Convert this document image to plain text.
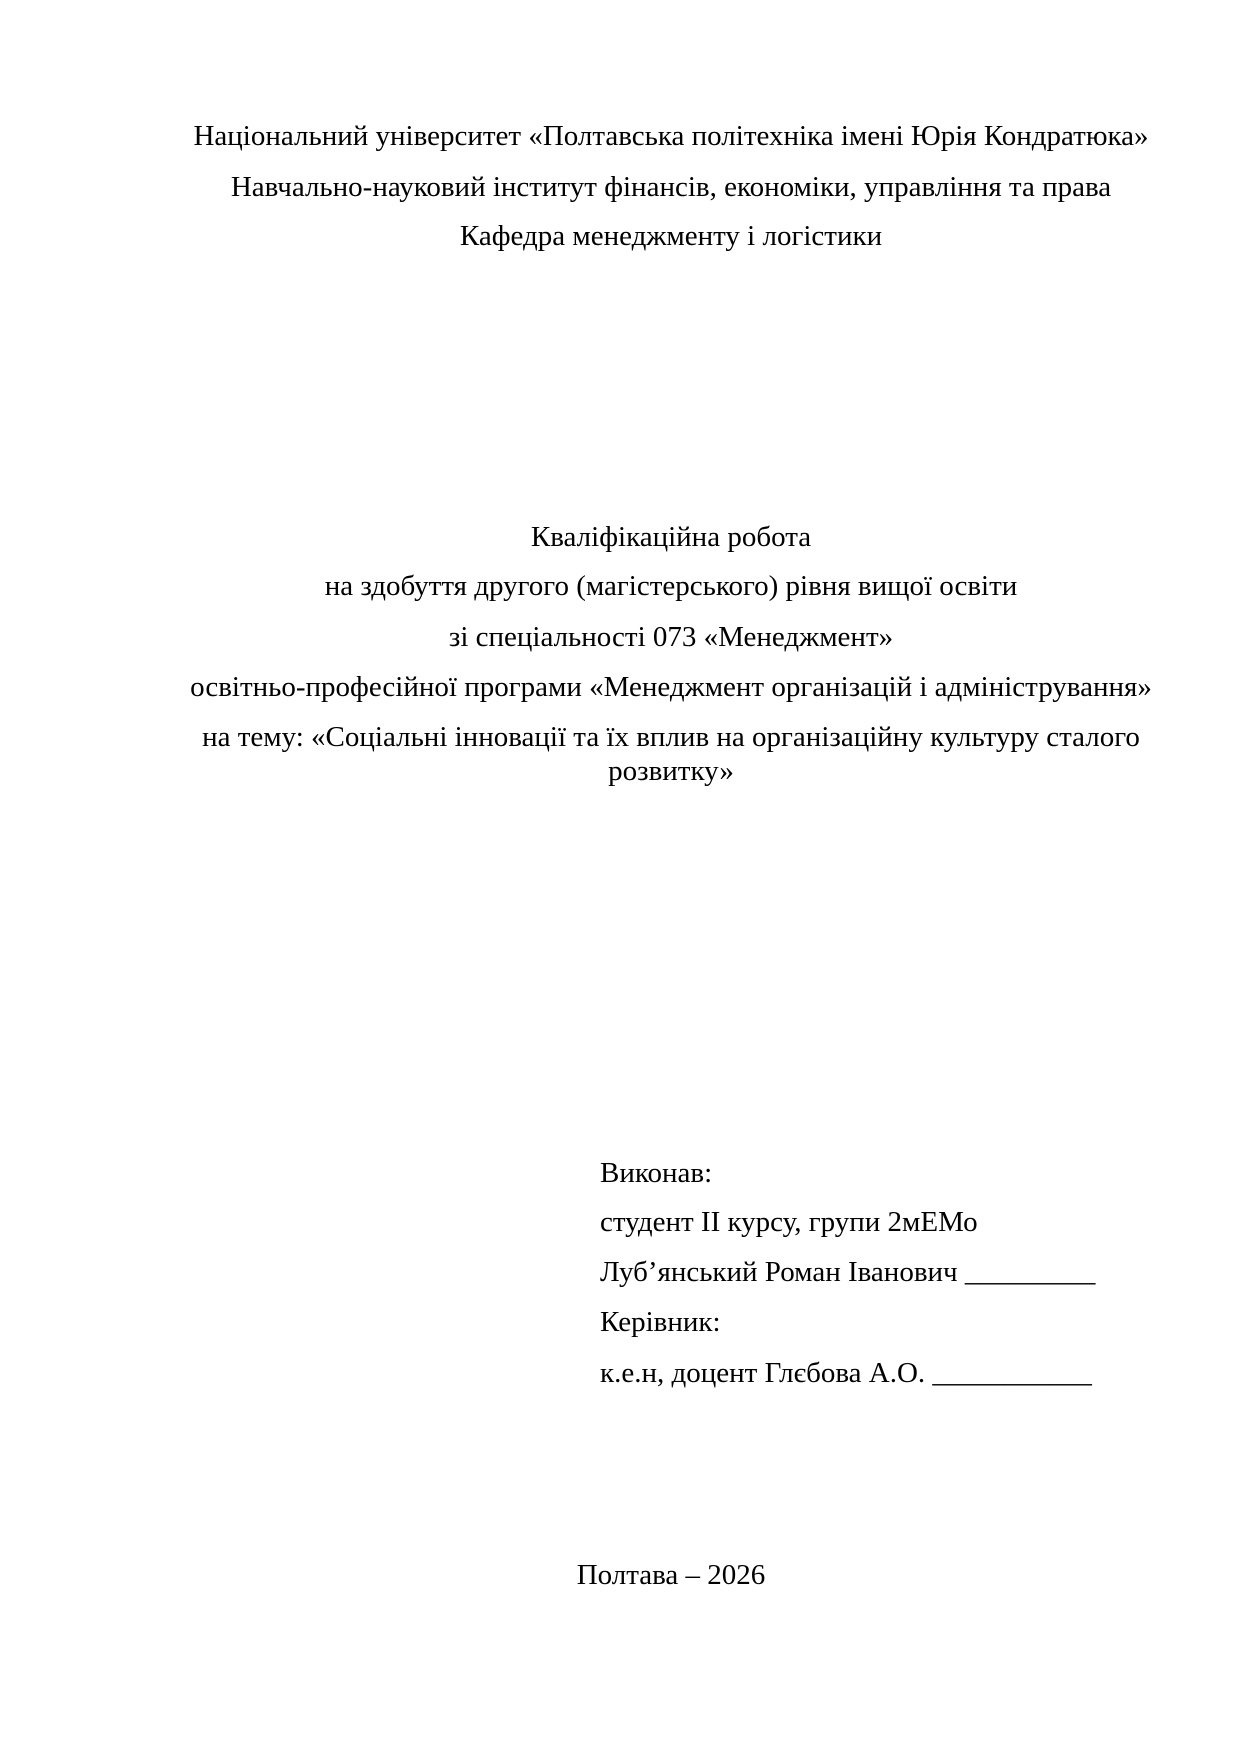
Національний університет «Полтавська політехніка імені Юрія Кондратюка»
Навчально-науковий інститут фінансів, економіки, управління та права
Кафедра менеджменту і логістики
Кваліфікаційна робота
на здобуття другого (магістерського) рівня вищої освіти
зі спеціальності 073 «Менеджмент»
освітньо-професійної програми «Менеджмент організацій і адміністрування»
на тему: «Соціальні інновації та їх вплив на організаційну культуру сталого
розвитку»
Виконав:
студент ІІ курсу, групи 2мЕМо
Луб’янський Роман Іванович _________
Керівник:
к.е.н, доцент Глєбова А.О. ___________
Полтава – 2026
